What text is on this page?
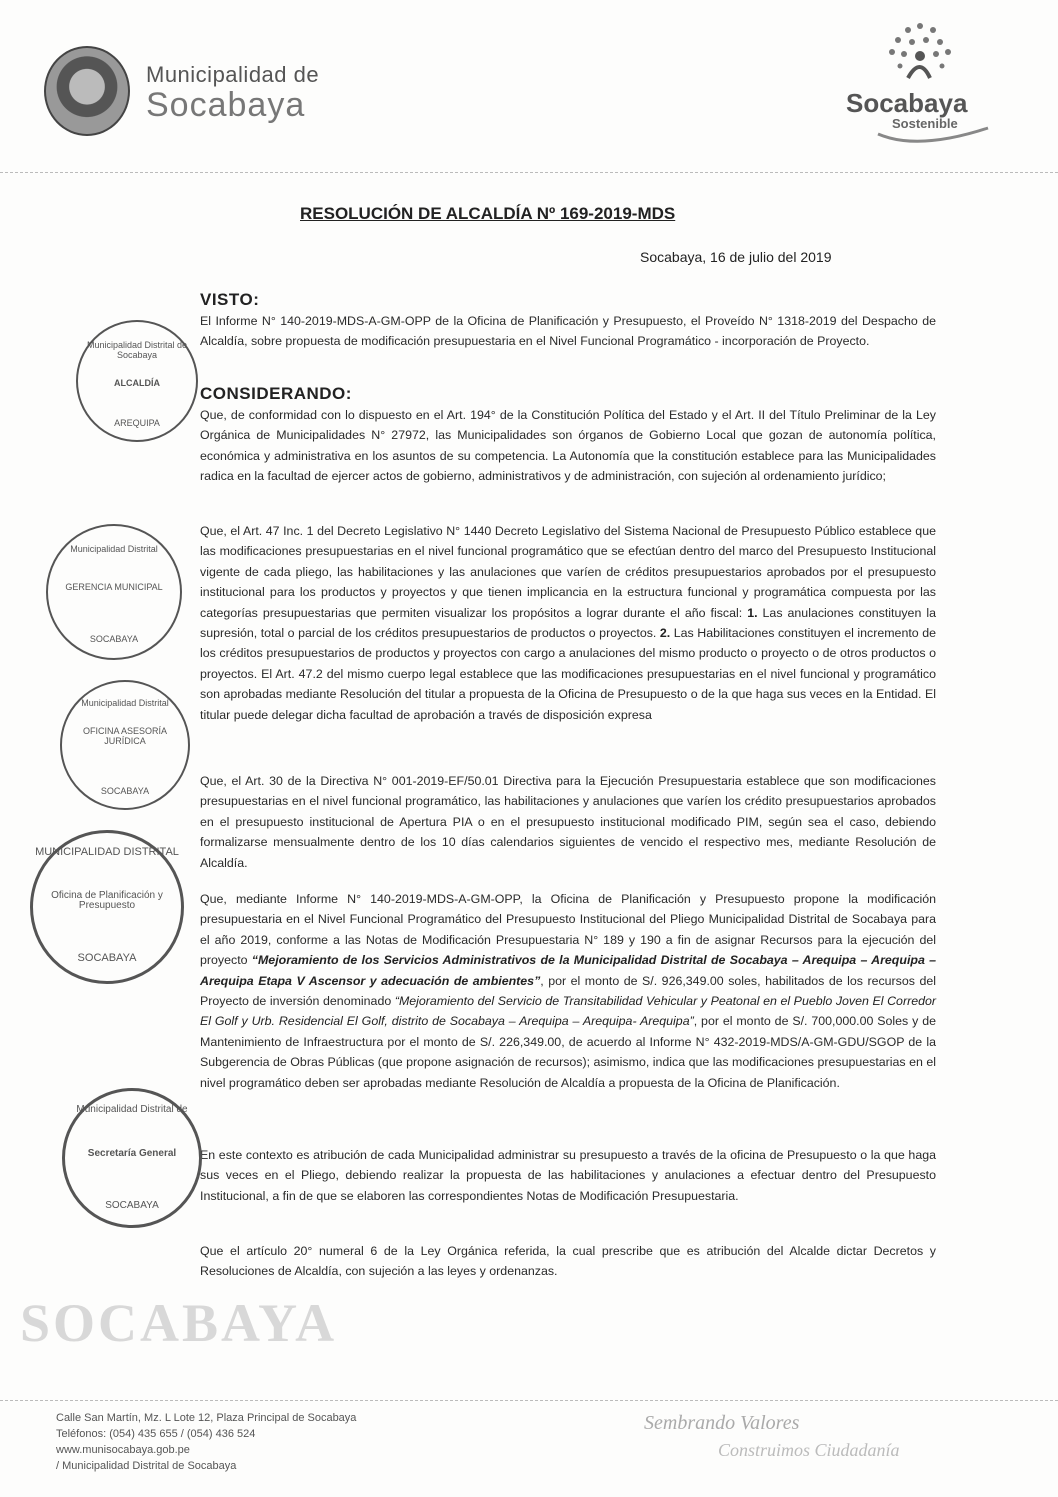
Municipalidad de
Socabaya	Socabaya
Sostenible
RESOLUCIÓN DE ALCALDÍA Nº 169-2019-MDS
Socabaya, 16 de julio del 2019
VISTO:
El Informe N° 140-2019-MDS-A-GM-OPP de la Oficina de Planificación y Presupuesto, el Proveído N° 1318-2019 del Despacho de Alcaldía, sobre propuesta de modificación presupuestaria en el Nivel Funcional Programático - incorporación de Proyecto.
CONSIDERANDO:
Que, de conformidad con lo dispuesto en el Art. 194° de la Constitución Política del Estado y el Art. II del Título Preliminar de la Ley Orgánica de Municipalidades N° 27972, las Municipalidades son órganos de Gobierno Local que gozan de autonomía política, económica y administrativa en los asuntos de su competencia. La Autonomía que la constitución establece para las Municipalidades radica en la facultad de ejercer actos de gobierno, administrativos y de administración, con sujeción al ordenamiento jurídico;
Que, el Art. 47 Inc. 1 del Decreto Legislativo N° 1440 Decreto Legislativo del Sistema Nacional de Presupuesto Público establece que las modificaciones presupuestarias en el nivel funcional programático que se efectúan dentro del marco del Presupuesto Institucional vigente de cada pliego, las habilitaciones y las anulaciones que varíen de créditos presupuestarios aprobados por el presupuesto institucional para los productos y proyectos y que tienen implicancia en la estructura funcional y programática compuesta por las categorías presupuestarias que permiten visualizar los propósitos a lograr durante el año fiscal: 1. Las anulaciones constituyen la supresión, total o parcial de los créditos presupuestarios de productos o proyectos. 2. Las Habilitaciones constituyen el incremento de los créditos presupuestarios de productos y proyectos con cargo a anulaciones del mismo producto o proyecto o de otros productos o proyectos. El Art. 47.2 del mismo cuerpo legal establece que las modificaciones presupuestarias en el nivel funcional y programático son aprobadas mediante Resolución del titular a propuesta de la Oficina de Presupuesto o de la que haga sus veces en la Entidad. El titular puede delegar dicha facultad de aprobación a través de disposición expresa
Que, el Art. 30 de la Directiva N° 001-2019-EF/50.01 Directiva para la Ejecución Presupuestaria establece que son modificaciones presupuestarias en el nivel funcional programático, las habilitaciones y anulaciones que varíen los crédito presupuestarios aprobados en el presupuesto institucional de Apertura PIA o en el presupuesto institucional modificado PIM, según sea el caso, debiendo formalizarse mensualmente dentro de los 10 días calendarios siguientes de vencido el respectivo mes, mediante Resolución de Alcaldía.
Que, mediante Informe N° 140-2019-MDS-A-GM-OPP, la Oficina de Planificación y Presupuesto propone la modificación presupuestaria en el Nivel Funcional Programático del Presupuesto Institucional del Pliego Municipalidad Distrital de Socabaya para el año 2019, conforme a las Notas de Modificación Presupuestaria N° 189 y 190 a fin de asignar Recursos para la ejecución del proyecto “Mejoramiento de los Servicios Administrativos de la Municipalidad Distrital de Socabaya – Arequipa – Arequipa – Arequipa Etapa V Ascensor y adecuación de ambientes”, por el monto de S/. 926,349.00 soles, habilitados de los recursos del Proyecto de inversión denominado “Mejoramiento del Servicio de Transitabilidad Vehicular y Peatonal en el Pueblo Joven El Corredor El Golf y Urb. Residencial El Golf, distrito de Socabaya – Arequipa – Arequipa- Arequipa”, por el monto de S/. 700,000.00 Soles y de Mantenimiento de Infraestructura por el monto de S/. 226,349.00, de acuerdo al Informe N° 432-2019-MDS/A-GM-GDU/SGOP de la Subgerencia de Obras Públicas (que propone asignación de recursos); asimismo, indica que las modificaciones presupuestarias en el nivel programático deben ser aprobadas mediante Resolución de Alcaldía a propuesta de la Oficina de Planificación.
En este contexto es atribución de cada Municipalidad administrar su presupuesto a través de la oficina de Presupuesto o la que haga sus veces en el Pliego, debiendo realizar la propuesta de las habilitaciones y anulaciones a efectuar dentro del Presupuesto Institucional, a fin de que se elaboren las correspondientes Notas de Modificación Presupuestaria.
Que el artículo 20° numeral 6 de la Ley Orgánica referida, la cual prescribe que es atribución del Alcalde dictar Decretos y Resoluciones de Alcaldía, con sujeción a las leyes y ordenanzas.
Municipalidad Distrital de Socabaya
ALCALDÍA
AREQUIPA
Municipalidad Distrital
GERENCIA MUNICIPAL
SOCABAYA
Municipalidad Distrital
OFICINA ASESORÍA JURÍDICA
SOCABAYA
MUNICIPALIDAD DISTRITAL
Oficina de Planificación y Presupuesto
SOCABAYA
Municipalidad Distrital de
Secretaría General
SOCABAYA
SOCABAYA
Calle San Martín, Mz. L Lote 12, Plaza Principal de Socabaya
Teléfonos: (054) 435 655 / (054) 436 524
www.munisocabaya.gob.pe
/ Municipalidad Distrital de Socabaya
Sembrando Valores
Construimos Ciudadanía
